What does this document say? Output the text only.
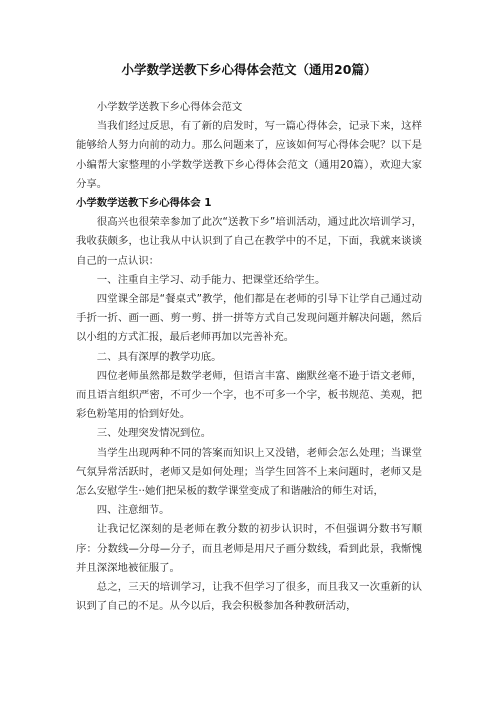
小学数学送教下乡心得体会范文（通用20篇）

小学数学送教下乡心得体会范文

当我们经过反思，有了新的启发时，写一篇心得体会，记录下来，这样能够给人努力向前的动力。那么问题来了，应该如何写心得体会呢？以下是小编帮大家整理的小学数学送教下乡心得体会范文（通用20篇），欢迎大家分享。

小学数学送教下乡心得体会 1

很高兴也很荣幸参加了此次“送教下乡”培训活动，通过此次培训学习，我收获颇多，也让我从中认识到了自己在教学中的不足，下面，我就来谈谈自己的一点认识：

一、注重自主学习、动手能力、把课堂还给学生。

四堂课全部是“餐桌式”教学，他们都是在老师的引导下让学自己通过动手折一折、画一画、剪一剪、拼一拼等方式自己发现问题并解决问题，然后以小组的方式汇报，最后老师再加以完善补充。

二、具有深厚的教学功底。

四位老师虽然都是数学老师，但语言丰富、幽默丝毫不逊于语文老师，而且语言组织严密，不可少一个字，也不可多一个字，板书规范、美观，把彩色粉笔用的恰到好处。

三、处理突发情况到位。

当学生出现两种不同的答案而知识上又没错，老师会怎么处理；当课堂气氛异常活跃时，老师又是如何处理；当学生回答不上来问题时，老师又是怎么安慰学生··她们把呆板的数学课堂变成了和谐融洽的师生对话，

四、注意细节。

让我记忆深刻的是老师在教分数的初步认识时，不但强调分数书写顺序：分数线—分母—分子，而且老师是用尺子画分数线，看到此景，我惭愧并且深深地被征服了。

总之，三天的培训学习，让我不但学习了很多，而且我又一次重新的认识到了自己的不足。从今以后，我会积极参加各种教研活动，
